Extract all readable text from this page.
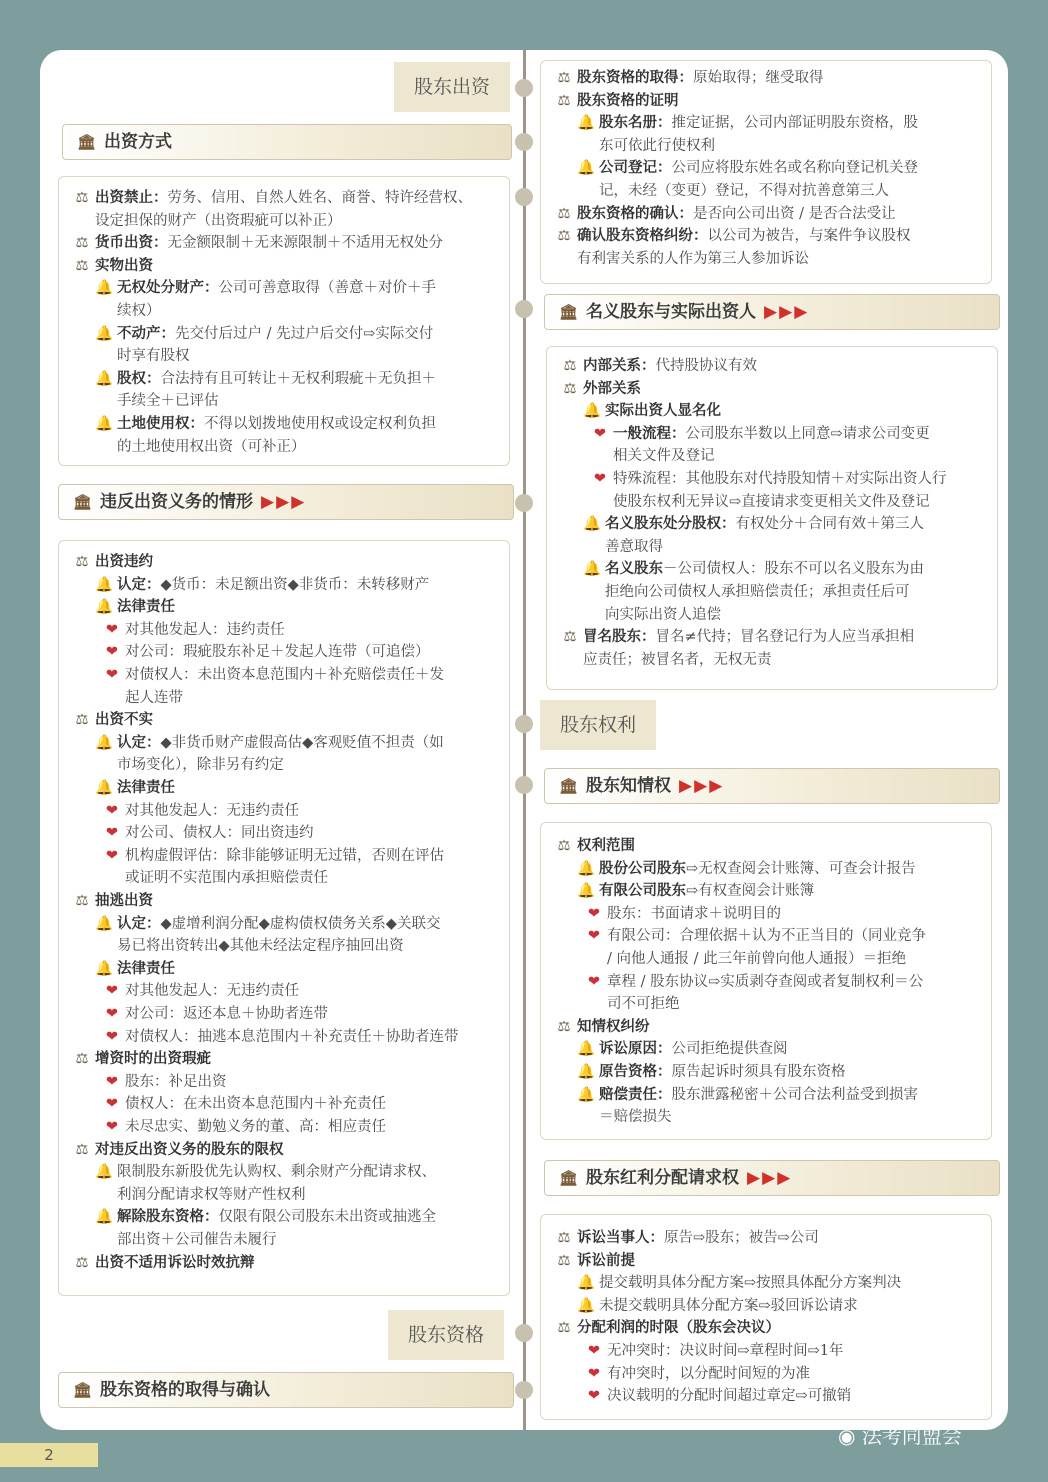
股东出资
股东资格
股东权利
🏛 出资方式
🏛 违反出资义务的情形 ▶▶▶
🏛 股东资格的取得与确认
🏛 名义股东与实际出资人 ▶▶▶
🏛 股东知情权 ▶▶▶
🏛 股东红利分配请求权 ▶▶▶
⚖ 出资禁止：劳务、信用、自然人姓名、商誉、特许经营权、
设定担保的财产（出资瑕疵可以补正）
⚖ 货币出资：无金额限制＋无来源限制＋不适用无权处分
⚖ 实物出资
🔔 无权处分财产：公司可善意取得（善意＋对价＋手
续权）
🔔 不动产：先交付后过户 / 先过户后交付⇨实际交付
时享有股权
🔔 股权：合法持有且可转让＋无权利瑕疵＋无负担＋
手续全＋已评估
🔔 土地使用权：不得以划拨地使用权或设定权利负担
的土地使用权出资（可补正）
⚖ 出资违约
🔔 认定：◆货币：未足额出资◆非货币：未转移财产
🔔 法律责任
❤ 对其他发起人：违约责任
❤ 对公司：瑕疵股东补足＋发起人连带（可追偿）
❤ 对债权人：未出资本息范围内＋补充赔偿责任＋发
起人连带
⚖ 出资不实
🔔 认定：◆非货币财产虚假高估◆客观贬值不担责（如
市场变化），除非另有约定
🔔 法律责任
❤ 对其他发起人：无违约责任
❤ 对公司、债权人：同出资违约
❤ 机构虚假评估：除非能够证明无过错，否则在评估
或证明不实范围内承担赔偿责任
⚖ 抽逃出资
🔔 认定：◆虚增利润分配◆虚构债权债务关系◆关联交
易已将出资转出◆其他未经法定程序抽回出资
🔔 法律责任
❤ 对其他发起人：无违约责任
❤ 对公司：返还本息＋协助者连带
❤ 对债权人：抽逃本息范围内＋补充责任＋协助者连带
⚖ 增资时的出资瑕疵
❤ 股东：补足出资
❤ 债权人：在未出资本息范围内＋补充责任
❤ 未尽忠实、勤勉义务的董、高：相应责任
⚖ 对违反出资义务的股东的限权
🔔 限制股东新股优先认购权、剩余财产分配请求权、
利润分配请求权等财产性权利
🔔 解除股东资格：仅限有限公司股东未出资或抽逃全
部出资＋公司催告未履行
⚖ 出资不适用诉讼时效抗辩
⚖ 股东资格的取得：原始取得；继受取得
⚖ 股东资格的证明
🔔 股东名册：推定证据，公司内部证明股东资格，股
东可依此行使权利
🔔 公司登记：公司应将股东姓名或名称向登记机关登
记，未经（变更）登记，不得对抗善意第三人
⚖ 股东资格的确认：是否向公司出资 / 是否合法受让
⚖ 确认股东资格纠纷：以公司为被告，与案件争议股权
有利害关系的人作为第三人参加诉讼
⚖ 内部关系：代持股协议有效
⚖ 外部关系
🔔 实际出资人显名化
❤ 一般流程：公司股东半数以上同意⇨请求公司变更
相关文件及登记
❤ 特殊流程：其他股东对代持股知情＋对实际出资人行
使股东权利无异议⇨直接请求变更相关文件及登记
🔔 名义股东处分股权：有权处分＋合同有效＋第三人
善意取得
🔔 名义股东－公司债权人：股东不可以名义股东为由
拒绝向公司债权人承担赔偿责任；承担责任后可
向实际出资人追偿
⚖ 冒名股东：冒名≠代持；冒名登记行为人应当承担相
应责任；被冒名者，无权无责
⚖ 权利范围
🔔 股份公司股东⇨无权查阅会计账簿、可查会计报告
🔔 有限公司股东⇨有权查阅会计账簿
❤ 股东：书面请求＋说明目的
❤ 有限公司：合理依据＋认为不正当目的（同业竞争
/ 向他人通报 / 此三年前曾向他人通报）＝拒绝
❤ 章程 / 股东协议⇨实质剥夺查阅或者复制权利＝公
司不可拒绝
⚖ 知情权纠纷
🔔 诉讼原因：公司拒绝提供查阅
🔔 原告资格：原告起诉时须具有股东资格
🔔 赔偿责任：股东泄露秘密＋公司合法利益受到损害
＝赔偿损失
⚖ 诉讼当事人：原告⇨股东；被告⇨公司
⚖ 诉讼前提
🔔 提交载明具体分配方案⇨按照具体配分方案判决
🔔 未提交载明具体分配方案⇨驳回诉讼请求
⚖ 分配利润的时限（股东会决议）
❤ 无冲突时：决议时间⇨章程时间⇨1年
❤ 有冲突时，以分配时间短的为准
❤ 决议载明的分配时间超过章定⇨可撤销
2
◉ 法考同盟会
